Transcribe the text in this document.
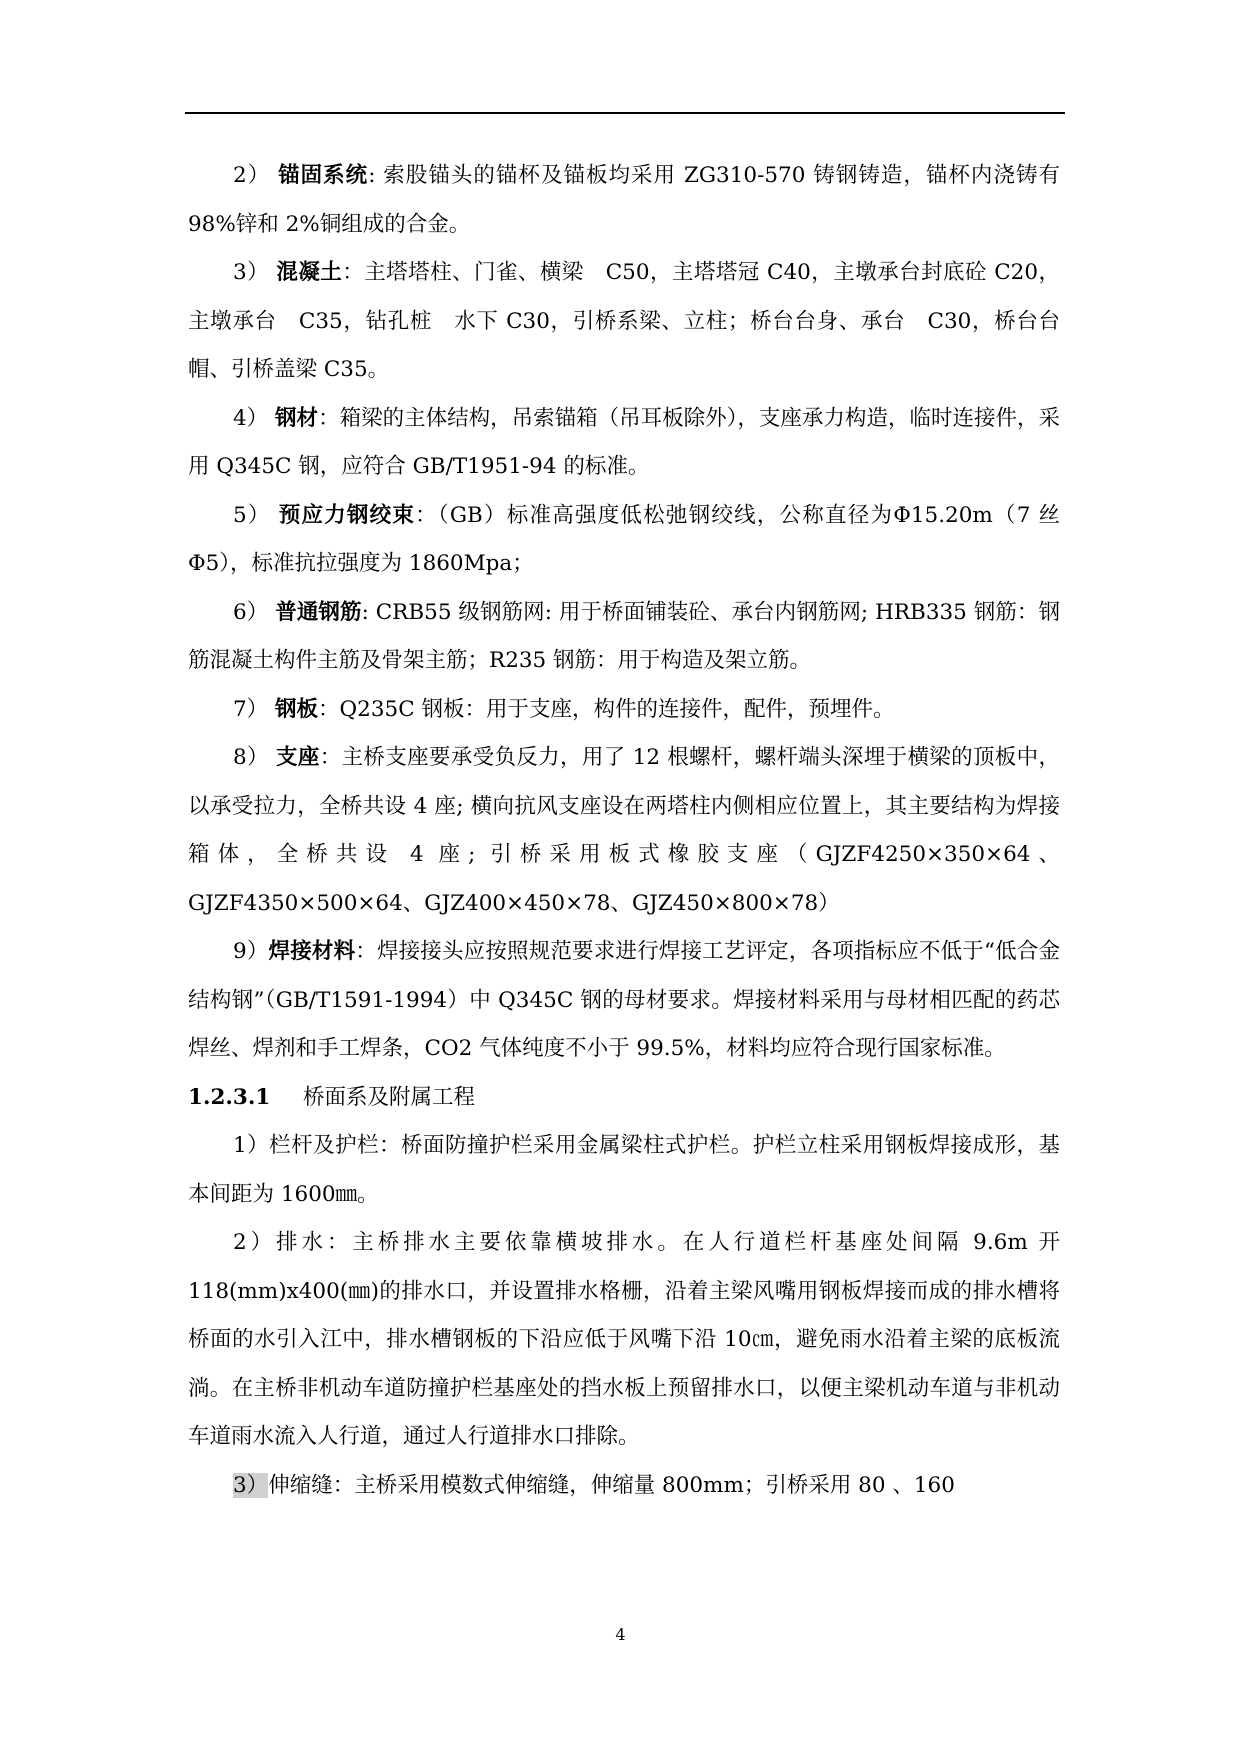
2） 锚固系统: 索股锚头的锚杯及锚板均采用 ZG310-570 铸钢铸造，锚杯内浇铸有 98%锌和 2%铜组成的合金。

3） 混凝土：主塔塔柱、门雀、横梁　C50，主塔塔冠 C40，主墩承台封底砼 C20，主墩承台　C35，钻孔桩　水下 C30，引桥系梁、立柱；桥台台身、承台　C30，桥台台帽、引桥盖梁 C35。

4） 钢材：箱梁的主体结构，吊索锚箱（吊耳板除外），支座承力构造，临时连接件，采用 Q345C 钢，应符合 GB/T1951-94 的标准。

5） 预应力钢绞束：（GB）标准高强度低松弛钢绞线，公称直径为Φ15.20m（7 丝Φ5），标准抗拉强度为 1860Mpa；

6） 普通钢筋: CRB55 级钢筋网: 用于桥面铺装砼、承台内钢筋网; HRB335 钢筋：钢筋混凝土构件主筋及骨架主筋；R235 钢筋：用于构造及架立筋。

7） 钢板：Q235C 钢板：用于支座，构件的连接件，配件，预埋件。

8） 支座：主桥支座要承受负反力，用了 12 根螺杆，螺杆端头深埋于横梁的顶板中，以承受拉力，全桥共设 4 座; 横向抗风支座设在两塔柱内侧相应位置上，其主要结构为焊接箱体，全桥共设 4 座; 引桥采用板式橡胶支座（GJZF4250×350×64、GJZF4350×500×64、GJZ400×450×78、GJZ450×800×78）

9）焊接材料：焊接接头应按照规范要求进行焊接工艺评定，各项指标应不低于“低合金结构钢”（GB/T1591-1994）中 Q345C 钢的母材要求。焊接材料采用与母材相匹配的药芯焊丝、焊剂和手工焊条，CO2 气体纯度不小于 99.5%，材料均应符合现行国家标准。

1.2.3.1 桥面系及附属工程

1）栏杆及护栏：桥面防撞护栏采用金属梁柱式护栏。护栏立柱采用钢板焊接成形，基本间距为 1600㎜。

2）排水：主桥排水主要依靠横坡排水。在人行道栏杆基座处间隔 9.6m 开 118(mm)x400(㎜)的排水口，并设置排水格栅，沿着主梁风嘴用钢板焊接而成的排水槽将桥面的水引入江中，排水槽钢板的下沿应低于风嘴下沿 10㎝，避免雨水沿着主梁的底板流淌。在主桥非机动车道防撞护栏基座处的挡水板上预留排水口，以便主梁机动车道与非机动车道雨水流入人行道，通过人行道排水口排除。

3）伸缩缝：主桥采用模数式伸缩缝，伸缩量 800mm；引桥采用 80 、160

4
